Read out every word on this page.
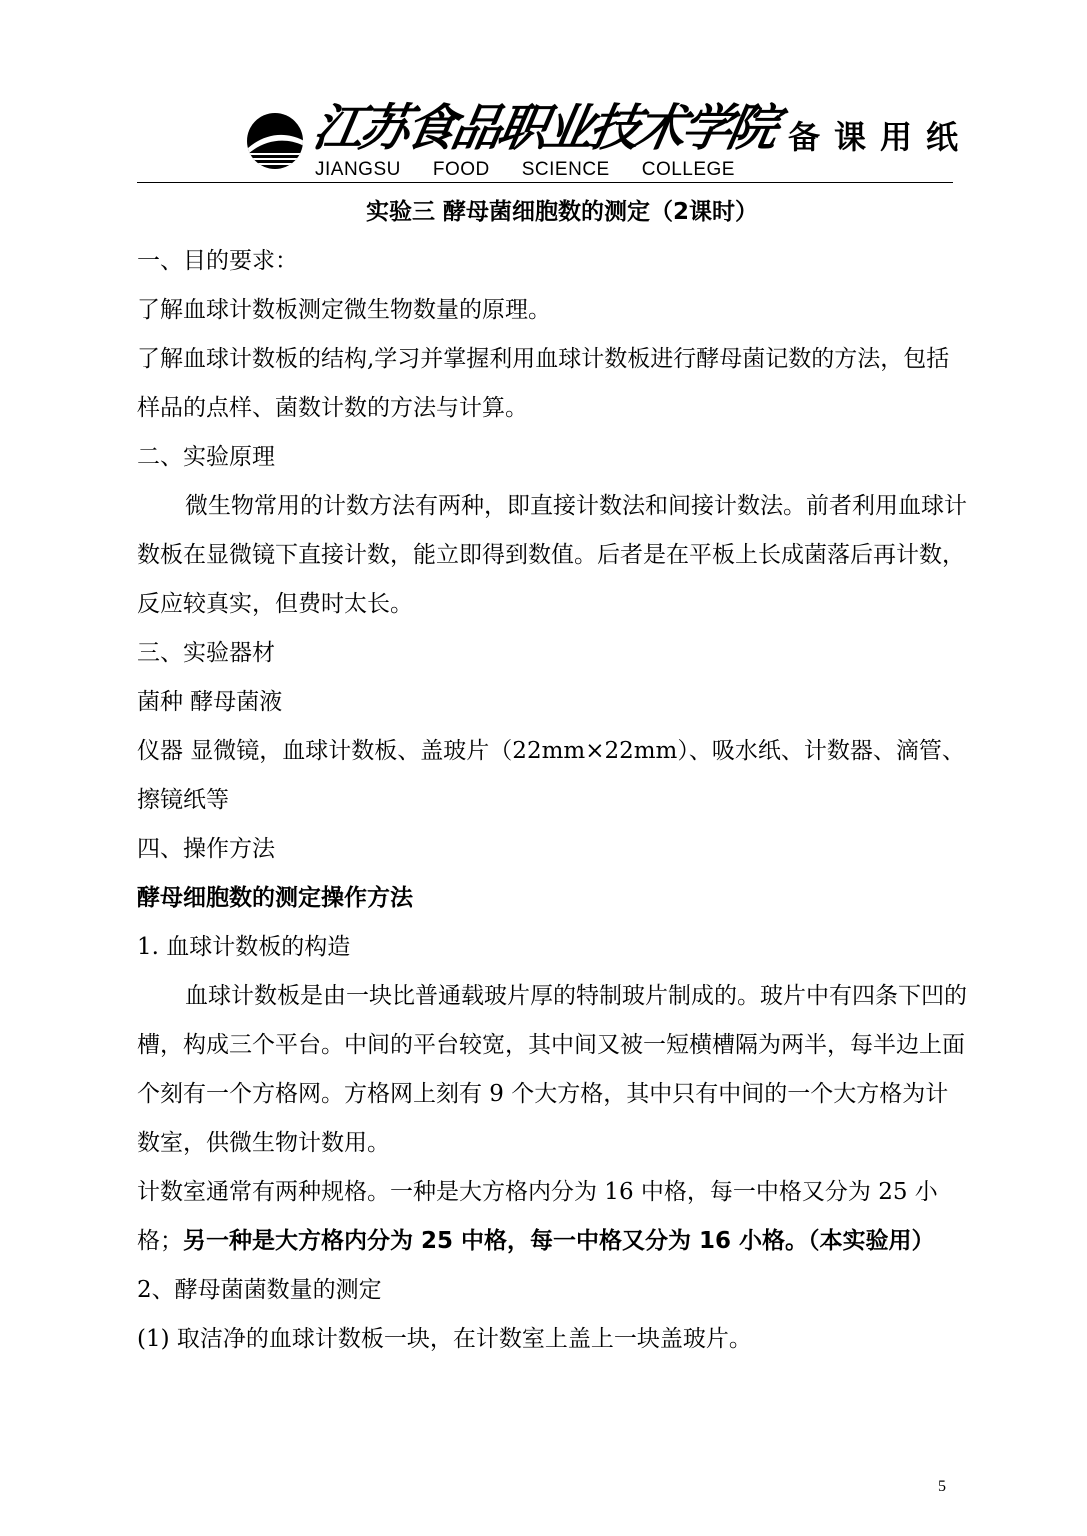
江苏食品职业技术学院
JIANGSU FOOD SCIENCE COLLEGE
备课用纸
实验三 酵母菌细胞数的测定（2课时）
一、目的要求：
了解血球计数板测定微生物数量的原理。
了解血球计数板的结构,学习并掌握利用血球计数板进行酵母菌记数的方法，包括样品的点样、菌数计数的方法与计算。
二、实验原理
微生物常用的计数方法有两种，即直接计数法和间接计数法。前者利用血球计数板在显微镜下直接计数，能立即得到数值。后者是在平板上长成菌落后再计数，反应较真实，但费时太长。
三、实验器材
菌种 酵母菌液
仪器 显微镜，血球计数板、盖玻片（22mm×22mm）、吸水纸、计数器、滴管、擦镜纸等
四、操作方法
酵母细胞数的测定操作方法
1. 血球计数板的构造
血球计数板是由一块比普通载玻片厚的特制玻片制成的。玻片中有四条下凹的槽，构成三个平台。中间的平台较宽，其中间又被一短横槽隔为两半，每半边上面个刻有一个方格网。方格网上刻有 9 个大方格，其中只有中间的一个大方格为计数室，供微生物计数用。
计数室通常有两种规格。一种是大方格内分为 16 中格，每一中格又分为 25 小格；另一种是大方格内分为 25 中格，每一中格又分为 16 小格。（本实验用）
2、酵母菌菌数量的测定
(1) 取洁净的血球计数板一块，在计数室上盖上一块盖玻片。
5
